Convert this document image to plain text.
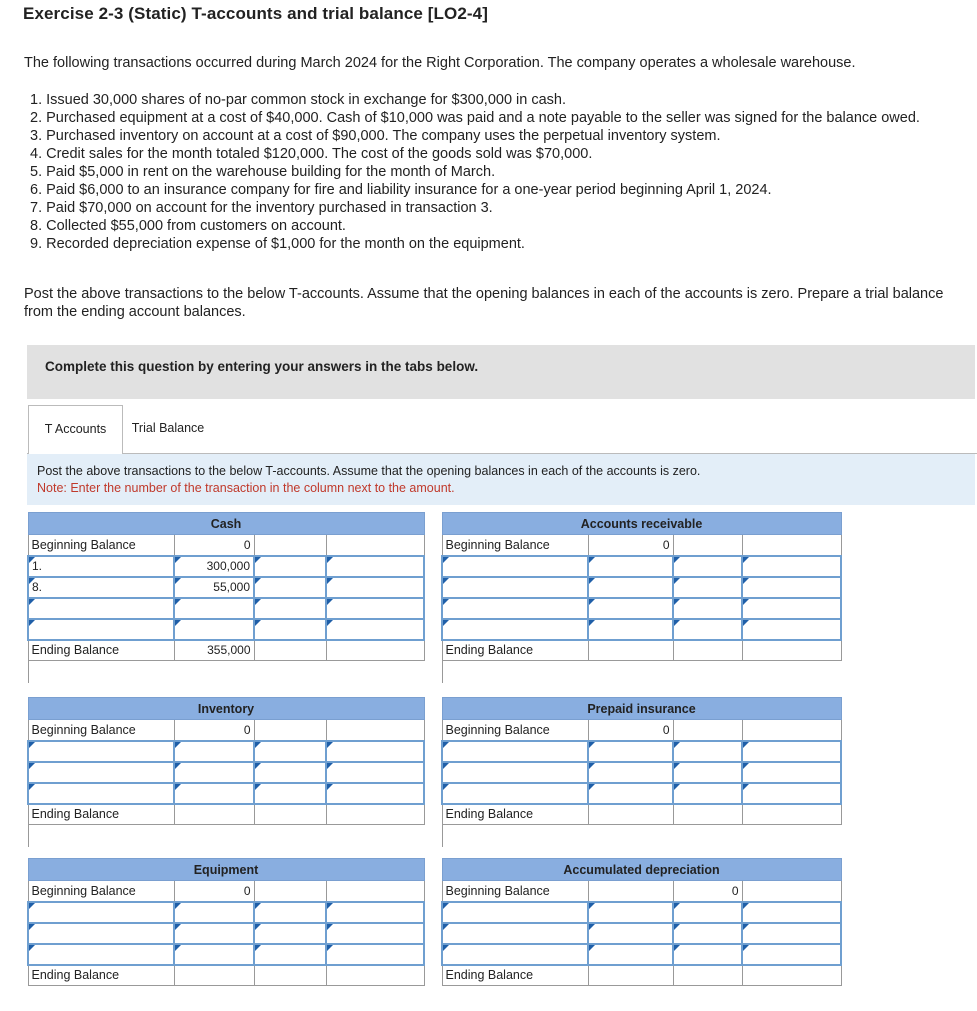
Exercise 2-3 (Static) T-accounts and trial balance [LO2-4]
The following transactions occurred during March 2024 for the Right Corporation. The company operates a wholesale warehouse.
1. Issued 30,000 shares of no-par common stock in exchange for $300,000 in cash.
2. Purchased equipment at a cost of $40,000. Cash of $10,000 was paid and a note payable to the seller was signed for the balance owed.
3. Purchased inventory on account at a cost of $90,000. The company uses the perpetual inventory system.
4. Credit sales for the month totaled $120,000. The cost of the goods sold was $70,000.
5. Paid $5,000 in rent on the warehouse building for the month of March.
6. Paid $6,000 to an insurance company for fire and liability insurance for a one-year period beginning April 1, 2024.
7. Paid $70,000 on account for the inventory purchased in transaction 3.
8. Collected $55,000 from customers on account.
9. Recorded depreciation expense of $1,000 for the month on the equipment.
Post the above transactions to the below T-accounts. Assume that the opening balances in each of the accounts is zero. Prepare a trial balance from the ending account balances.
Complete this question by entering your answers in the tabs below.
T Accounts	Trial Balance
Post the above transactions to the below T-accounts. Assume that the opening balances in each of the accounts is zero.
Note: Enter the number of the transaction in the column next to the amount.
Cash			
Beginning Balance	0		
1.	300,000		
8.	55,000		

Ending Balance	355,000		

Accounts receivable			
Beginning Balance	0		

Ending Balance			

Inventory			
Beginning Balance	0		

Ending Balance			

Prepaid insurance			
Beginning Balance	0		

Ending Balance			

Equipment			
Beginning Balance	0		

Ending Balance			
Accumulated depreciation			
Beginning Balance		0	

Ending Balance			
